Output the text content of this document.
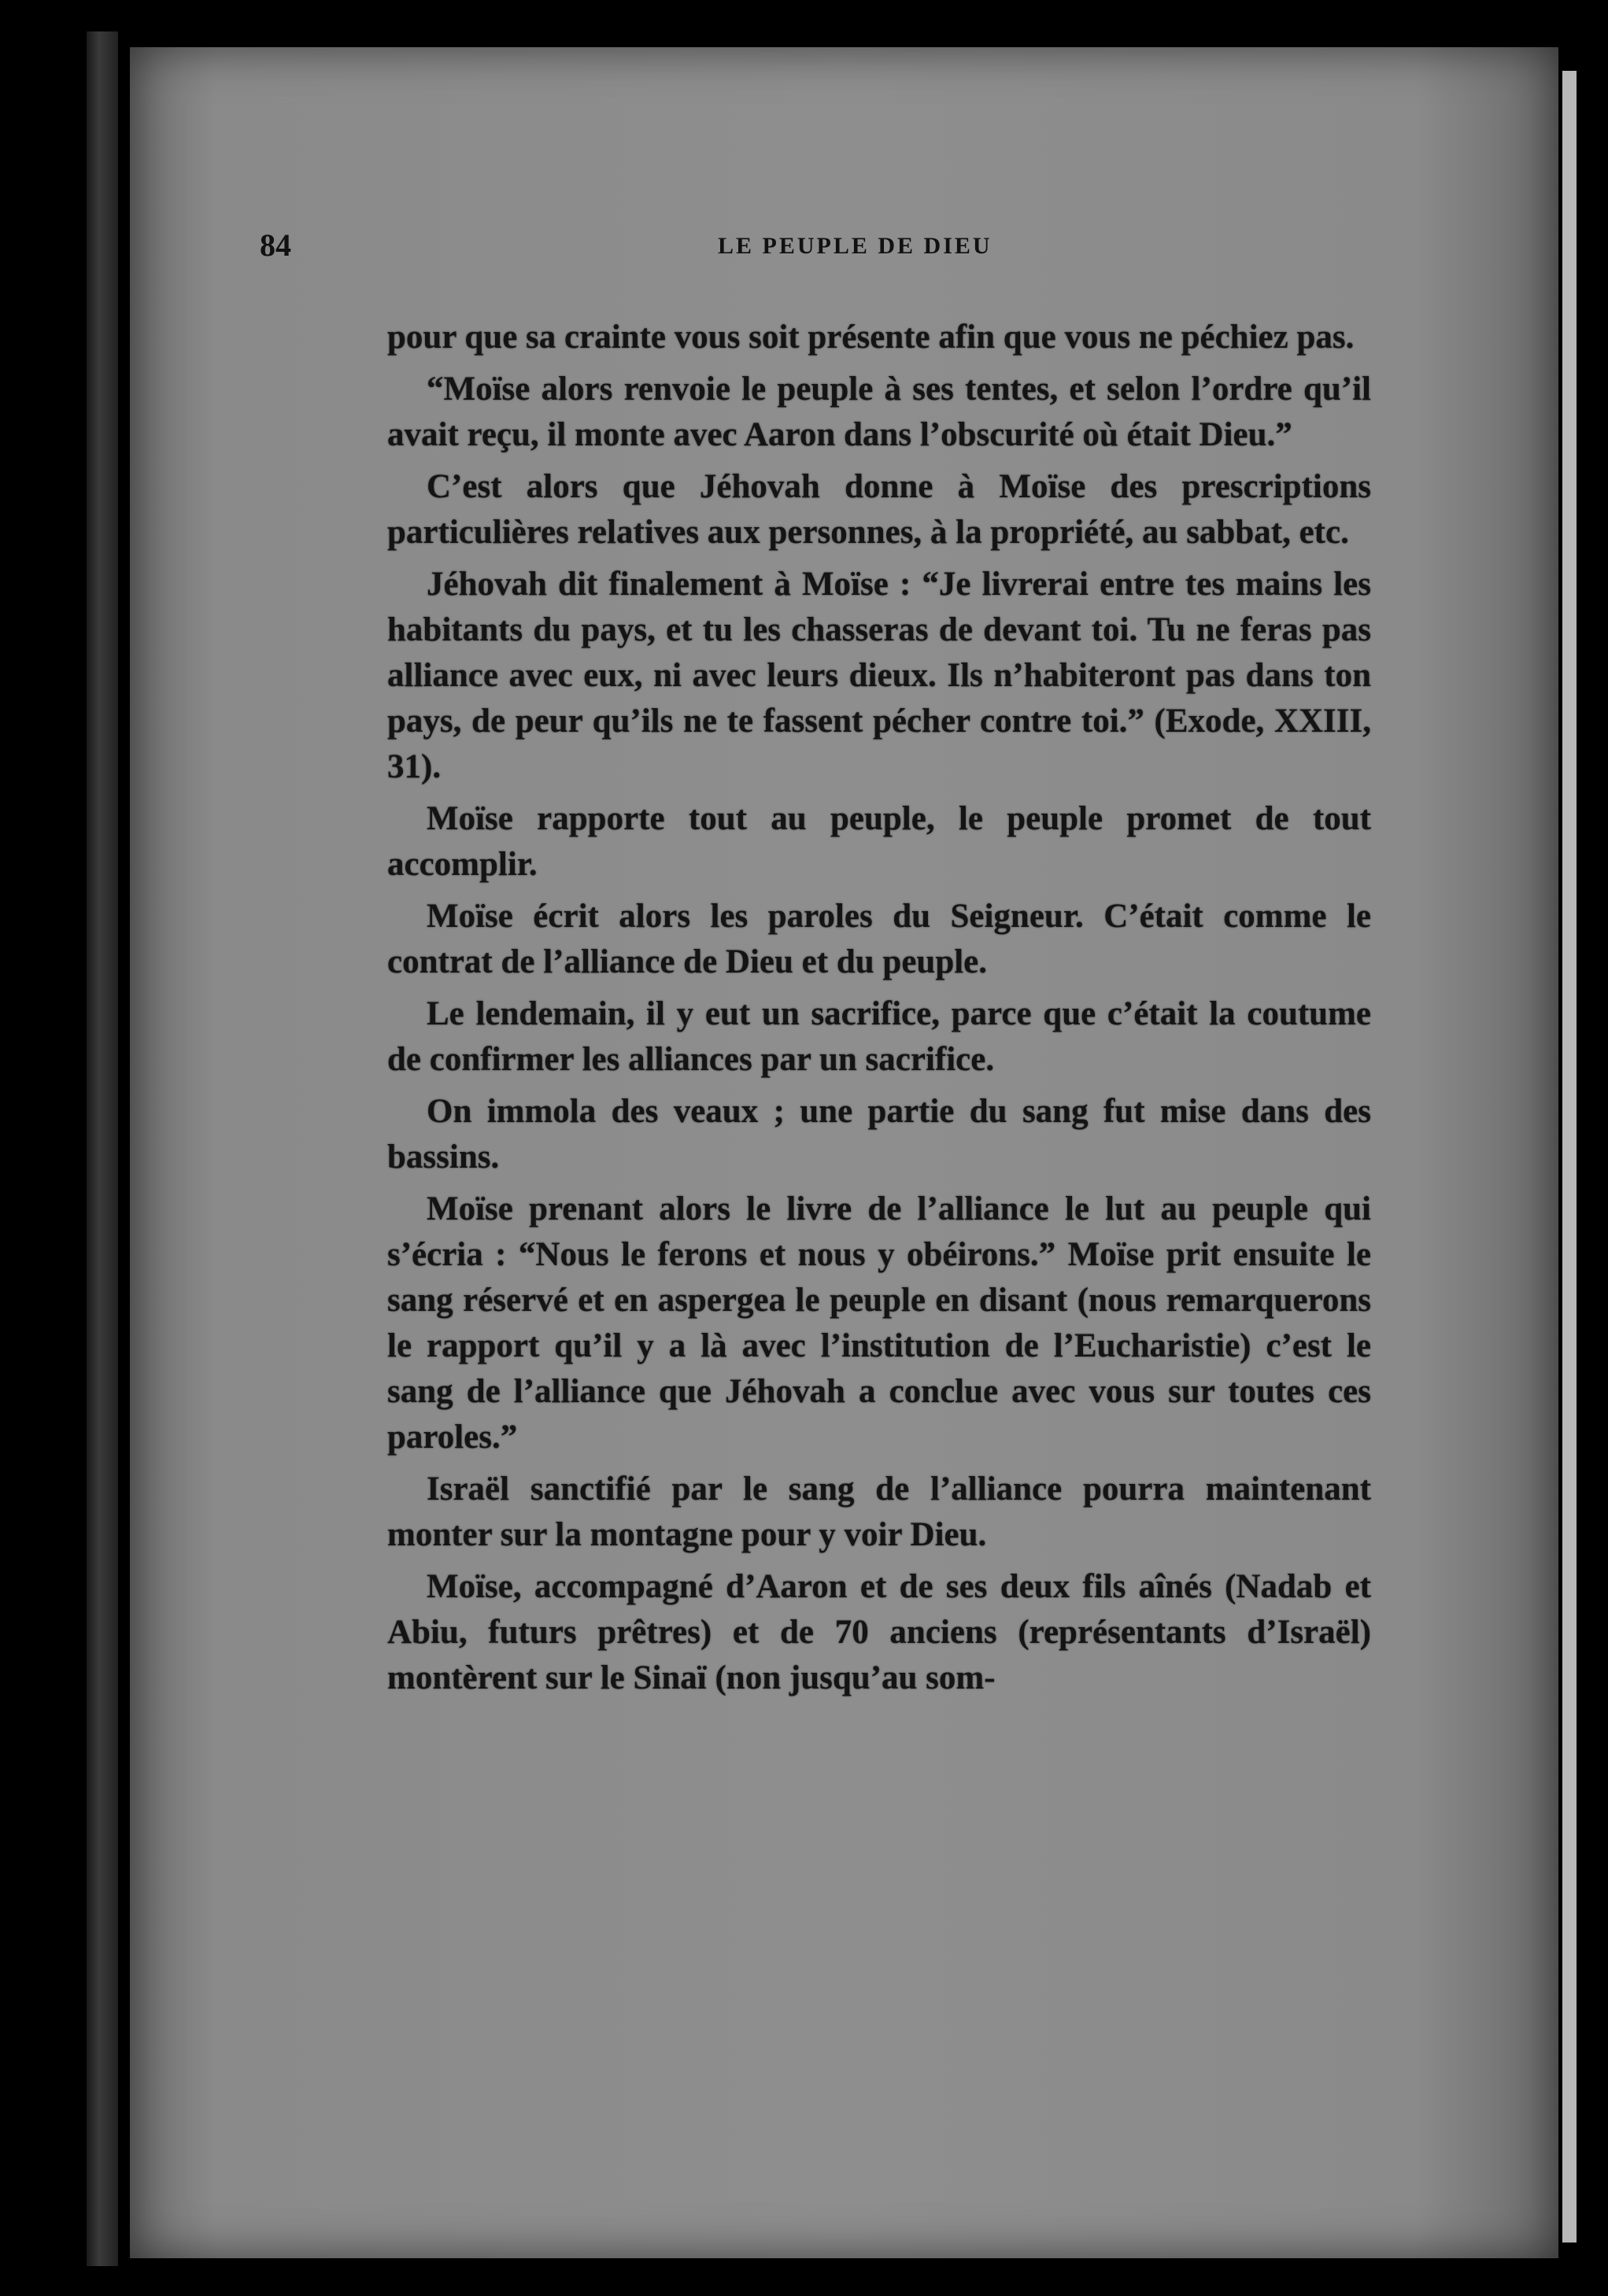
84	LE PEUPLE DE DIEU

pour que sa crainte vous soit présente afin que vous ne péchiez pas.

“Moïse alors renvoie le peuple à ses tentes, et selon l’ordre qu’il avait reçu, il monte avec Aaron dans l’obscurité où était Dieu.”

C’est alors que Jéhovah donne à Moïse des prescriptions particulières relatives aux personnes, à la propriété, au sabbat, etc.

Jéhovah dit finalement à Moïse : “Je livrerai entre tes mains les habitants du pays, et tu les chasseras de devant toi. Tu ne feras pas alliance avec eux, ni avec leurs dieux. Ils n’habiteront pas dans ton pays, de peur qu’ils ne te fassent pécher contre toi.” (Exode, XXIII, 31).

Moïse rapporte tout au peuple, le peuple promet de tout accomplir.

Moïse écrit alors les paroles du Seigneur. C’était comme le contrat de l’alliance de Dieu et du peuple.

Le lendemain, il y eut un sacrifice, parce que c’était la coutume de confirmer les alliances par un sacrifice.

On immola des veaux ; une partie du sang fut mise dans des bassins.

Moïse prenant alors le livre de l’alliance le lut au peuple qui s’écria : “Nous le ferons et nous y obéirons.” Moïse prit ensuite le sang réservé et en aspergea le peuple en disant (nous remarquerons le rapport qu’il y a là avec l’institution de l’Eucharistie) c’est le sang de l’alliance que Jéhovah a conclue avec vous sur toutes ces paroles.”

Israël sanctifié par le sang de l’alliance pourra maintenant monter sur la montagne pour y voir Dieu.

Moïse, accompagné d’Aaron et de ses deux fils aînés (Nadab et Abiu, futurs prêtres) et de 70 anciens (représentants d’Israël) montèrent sur le Sinaï (non jusqu’au som-
